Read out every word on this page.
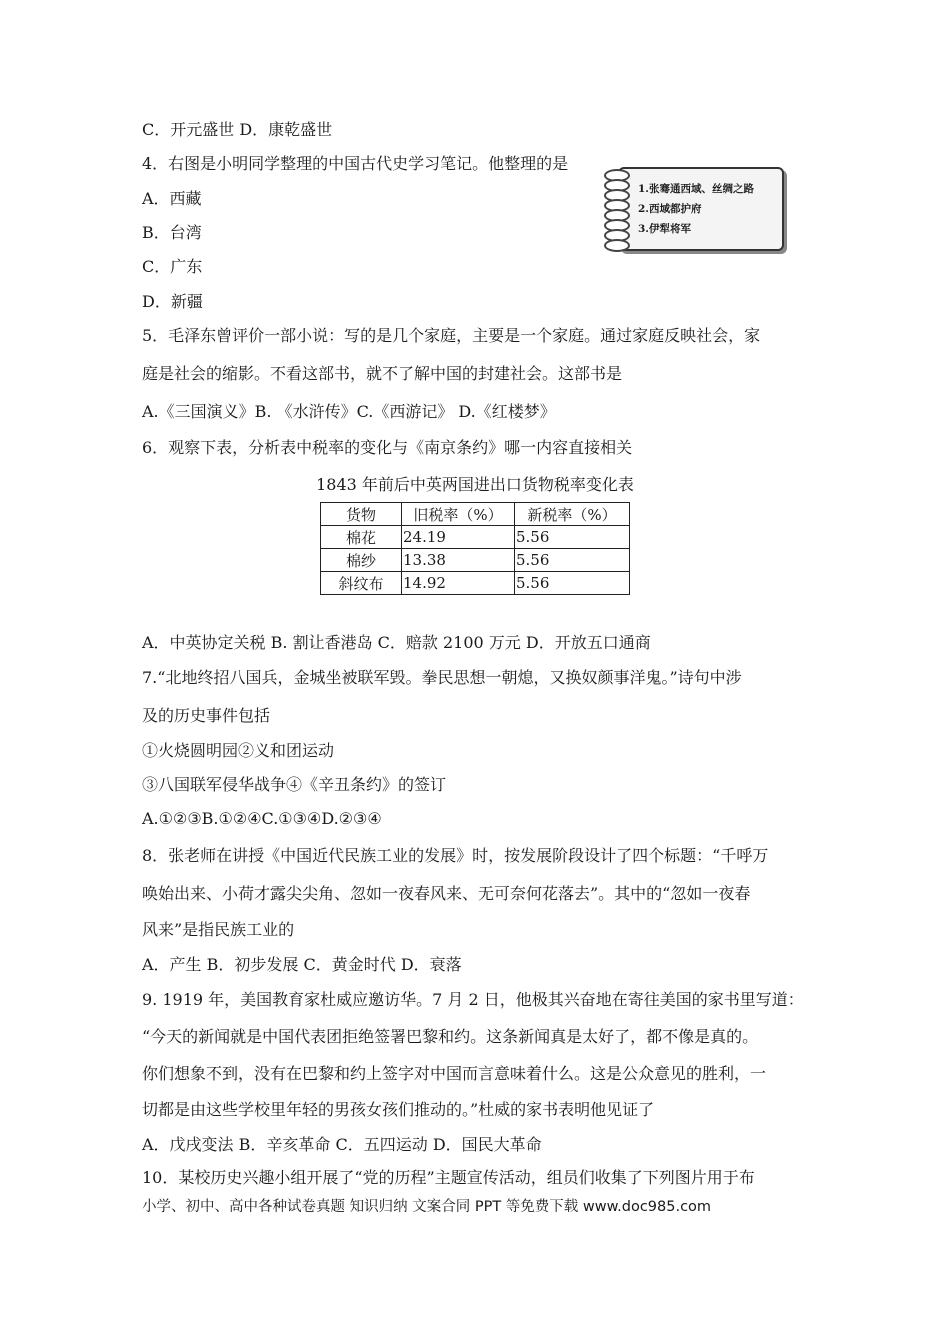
C．开元盛世 D．康乾盛世
4．右图是小明同学整理的中国古代史学习笔记。他整理的是
A．西藏
B．台湾
C．广东
D．新疆
1.张骞通西域、丝绸之路
2.西域都护府
3.伊犁将军
5．毛泽东曾评价一部小说：写的是几个家庭，主要是一个家庭。通过家庭反映社会，家
庭是社会的缩影。不看这部书，就不了解中国的封建社会。这部书是
A.《三国演义》B. 《水浒传》C.《西游记》 D.《红楼梦》
6．观察下表，分析表中税率的变化与《南京条约》哪一内容直接相关
1843 年前后中英两国进出口货物税率变化表
货物	旧税率（%）	新税率（%）
棉花	24.19	5.56
棉纱	13.38	5.56
斜纹布	14.92	5.56
A．中英协定关税 B. 割让香港岛 C．赔款 2100 万元 D．开放五口通商
7.“北地终招八国兵，金城坐被联军毁。拳民思想一朝熄，又换奴颜事洋鬼。”诗句中涉
及的历史事件包括
①火烧圆明园②义和团运动
③八国联军侵华战争④《辛丑条约》的签订
A.①②③B.①②④C.①③④D.②③④
8．张老师在讲授《中国近代民族工业的发展》时，按发展阶段设计了四个标题：“千呼万
唤始出来、小荷才露尖尖角、忽如一夜春风来、无可奈何花落去”。其中的“忽如一夜春
风来”是指民族工业的
A．产生 B．初步发展 C．黄金时代 D．衰落
9. 1919 年，美国教育家杜威应邀访华。7 月 2 日，他极其兴奋地在寄往美国的家书里写道：
“今天的新闻就是中国代表团拒绝签署巴黎和约。这条新闻真是太好了，都不像是真的。
你们想象不到，没有在巴黎和约上签字对中国而言意味着什么。这是公众意见的胜利，一
切都是由这些学校里年轻的男孩女孩们推动的。”杜威的家书表明他见证了
A．戊戌变法 B．辛亥革命 C．五四运动 D．国民大革命
10．某校历史兴趣小组开展了“党的历程”主题宣传活动，组员们收集了下列图片用于布
小学、初中、高中各种试卷真题 知识归纳 文案合同 PPT 等免费下载 www.doc985.com
